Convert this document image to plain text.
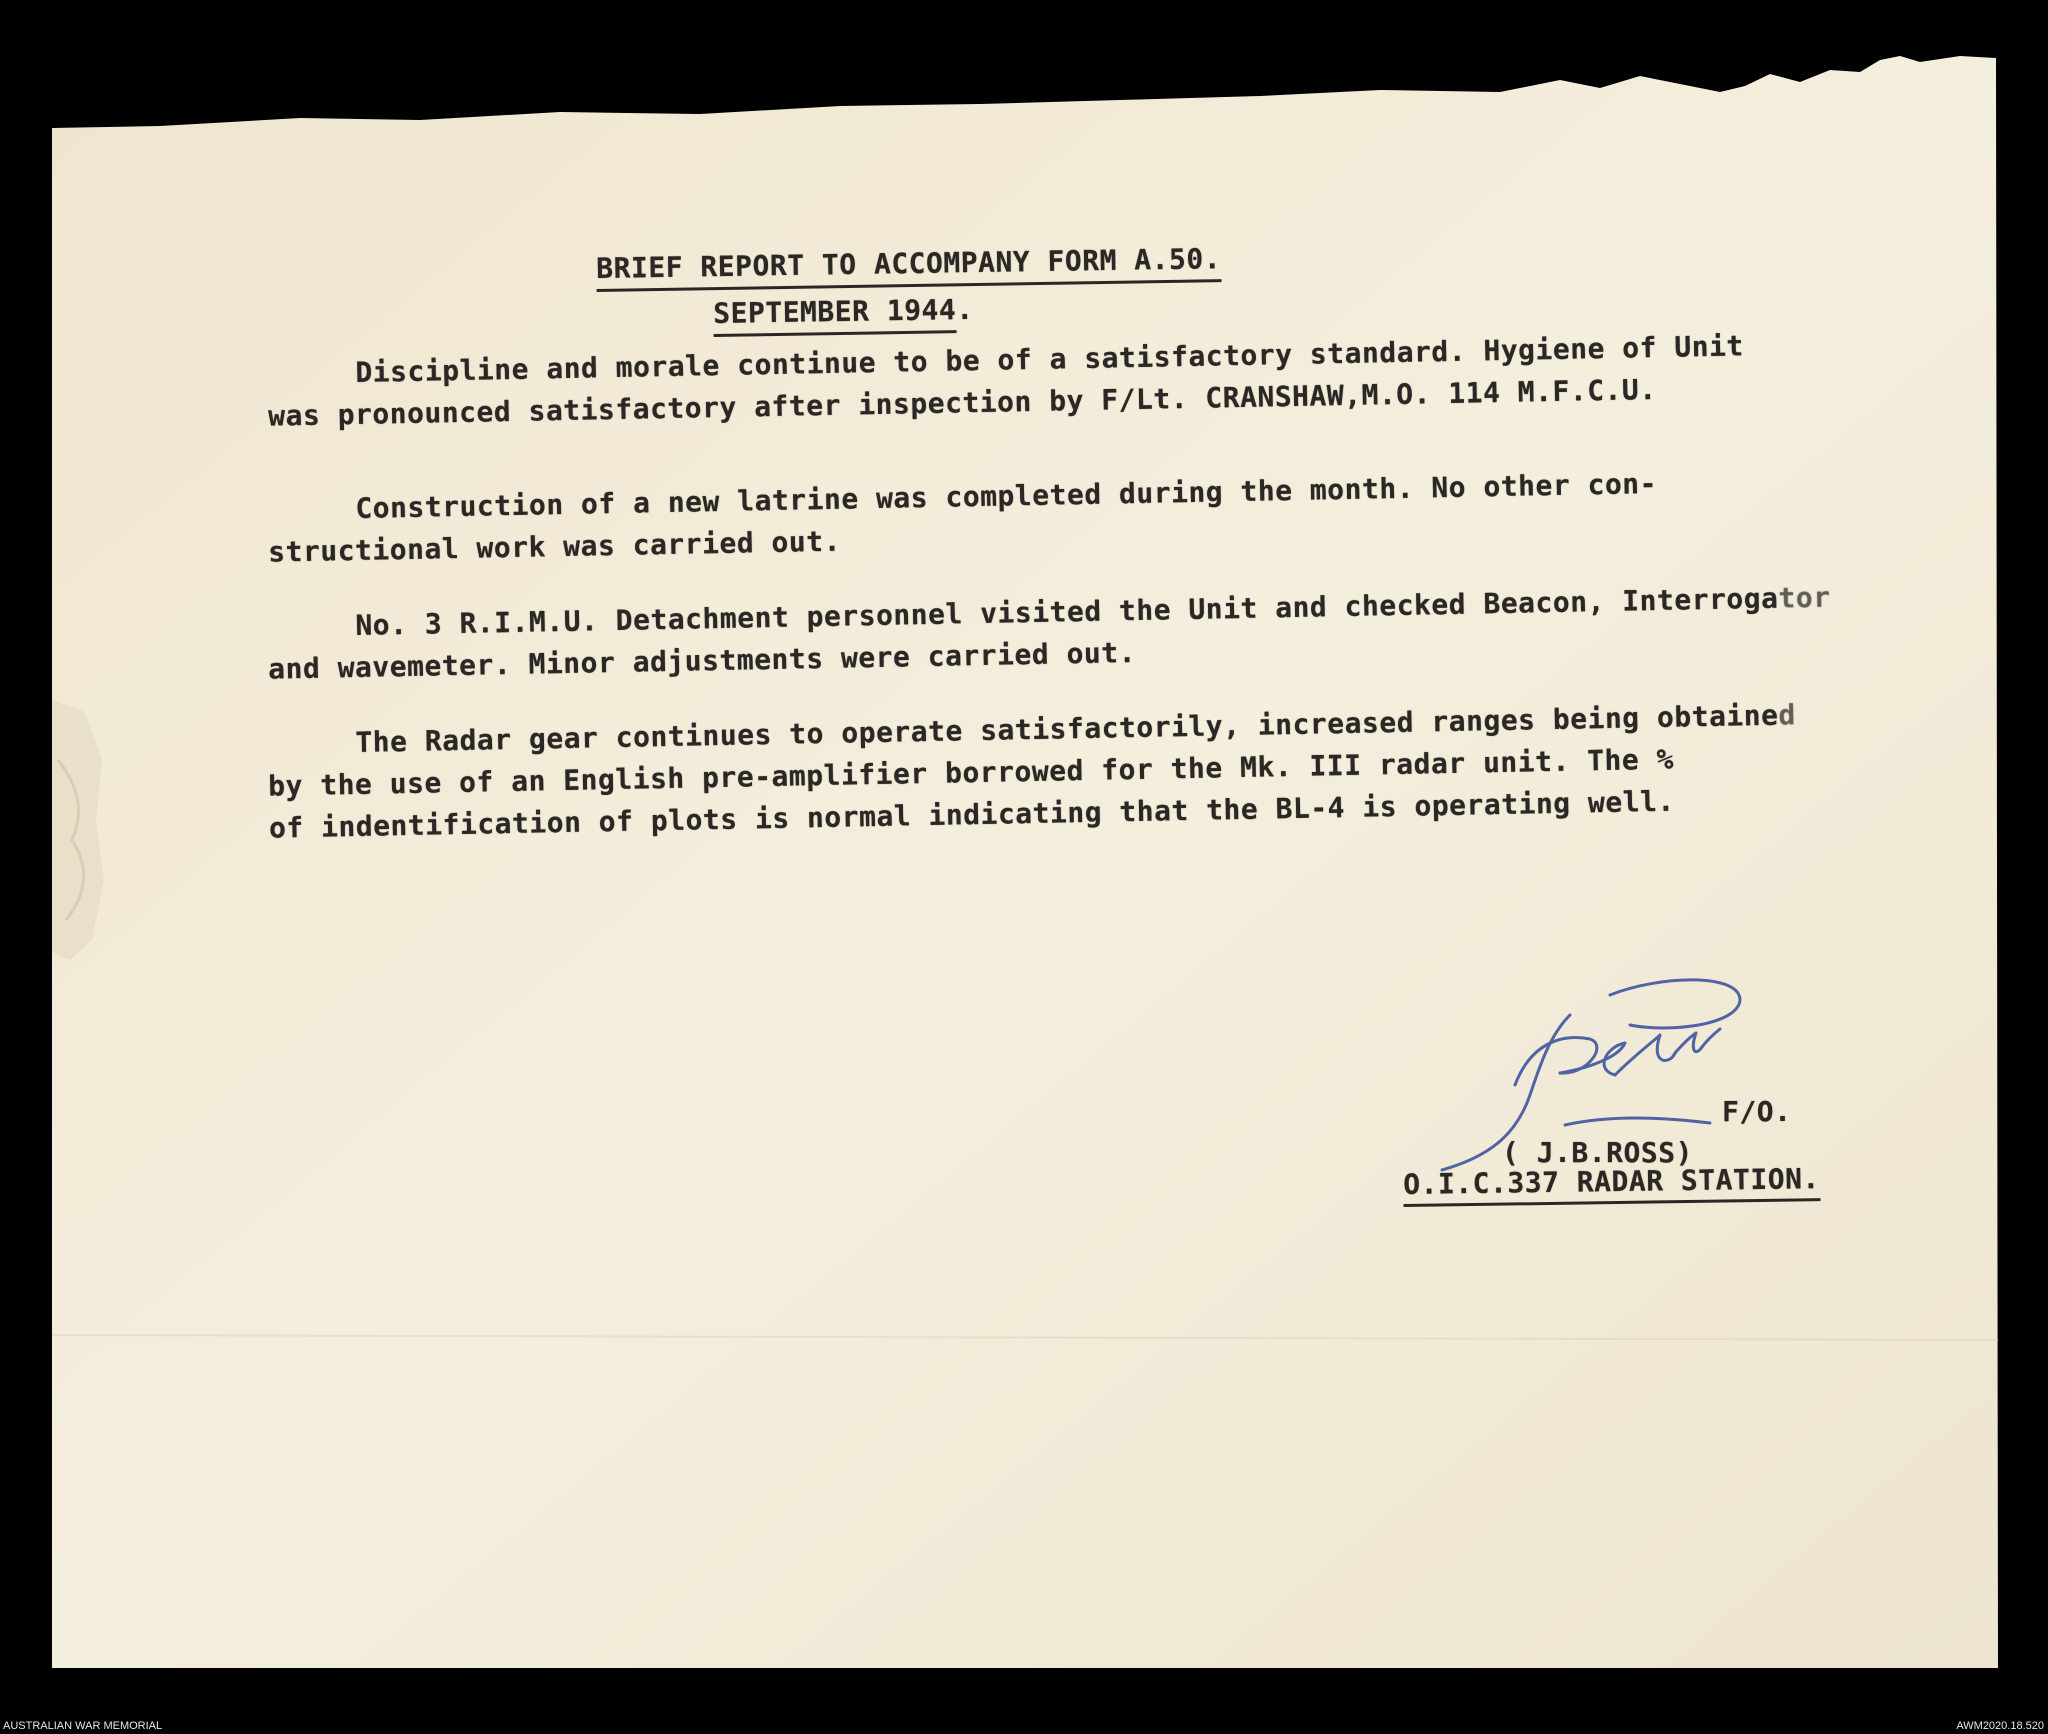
BRIEF REPORT TO ACCOMPANY FORM A.50.
SEPTEMBER 1944.
Discipline and morale continue to be of a satisfactory standard. Hygiene of Unit
was pronounced satisfactory after inspection by F/Lt. CRANSHAW,M.O. 114 M.F.C.U.
Construction of a new latrine was completed during the month. No other con-
structional work was carried out.
No. 3 R.I.M.U. Detachment personnel visited the Unit and checked Beacon, Interrogator
and wavemeter. Minor adjustments were carried out.
The Radar gear continues to operate satisfactorily, increased ranges being obtained
by the use of an English pre-amplifier borrowed for the Mk. III radar unit. The %
of indentification of plots is normal indicating that the BL-4 is operating well.
F/O.
( J.B.ROSS)
O.I.C.337 RADAR STATION.
AUSTRALIAN WAR MEMORIAL	AWM2020.18.520
